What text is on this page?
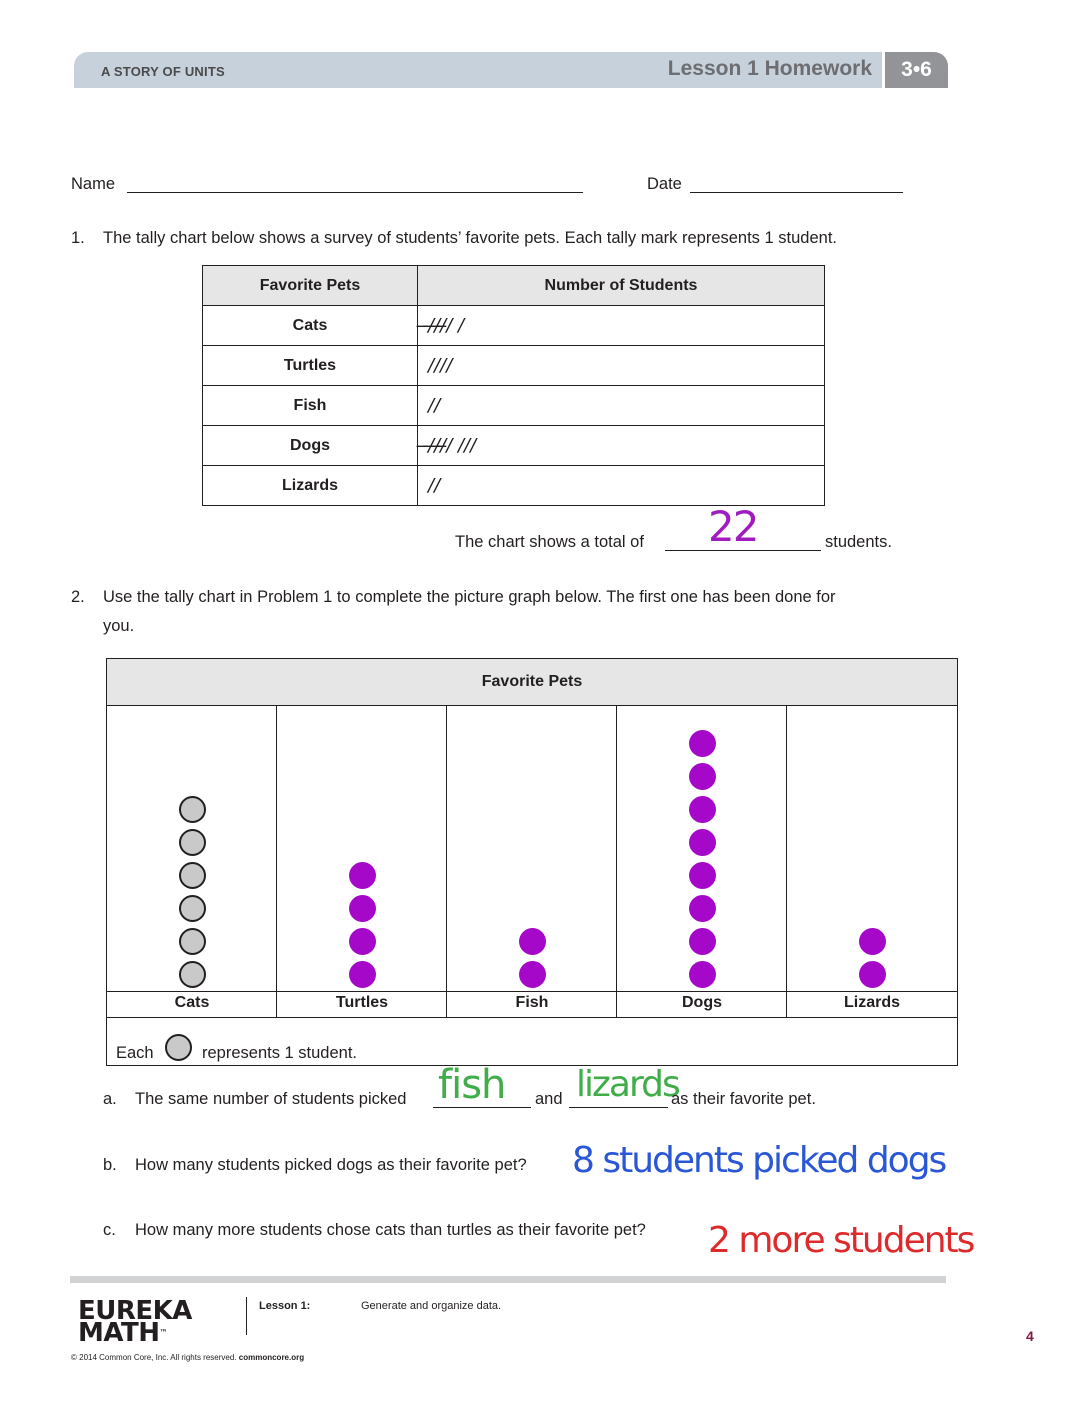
A STORY OF UNITS	Lesson 1 Homework	3•6
Name	Date
1. The tally chart below shows a survey of students’ favorite pets. Each tally mark represents 1 student.
Favorite Pets	Number of Students
Cats	̶/̶/̶/̶/ /
Turtles	////
Fish	//
Dogs	̶/̶/̶/̶/ ///
Lizards	//
The chart shows a total of 22	students.
2. Use the tally chart in Problem 1 to complete the picture graph below. The first one has been done for
you.
Favorite Pets
Cats	Turtles	Fish	Dogs	Lizards
Each	represents 1 student.
a. The same number of students picked fish and lizards
as their favorite pet.
b. How many students picked dogs as their favorite pet? 8 students picked dogs
c. How many more students chose cats than turtles as their favorite pet? 2 more students
EUREKA
MATH™
Lesson 1:	Generate and organize data.
© 2014 Common Core, Inc. All rights reserved. commoncore.org
4
